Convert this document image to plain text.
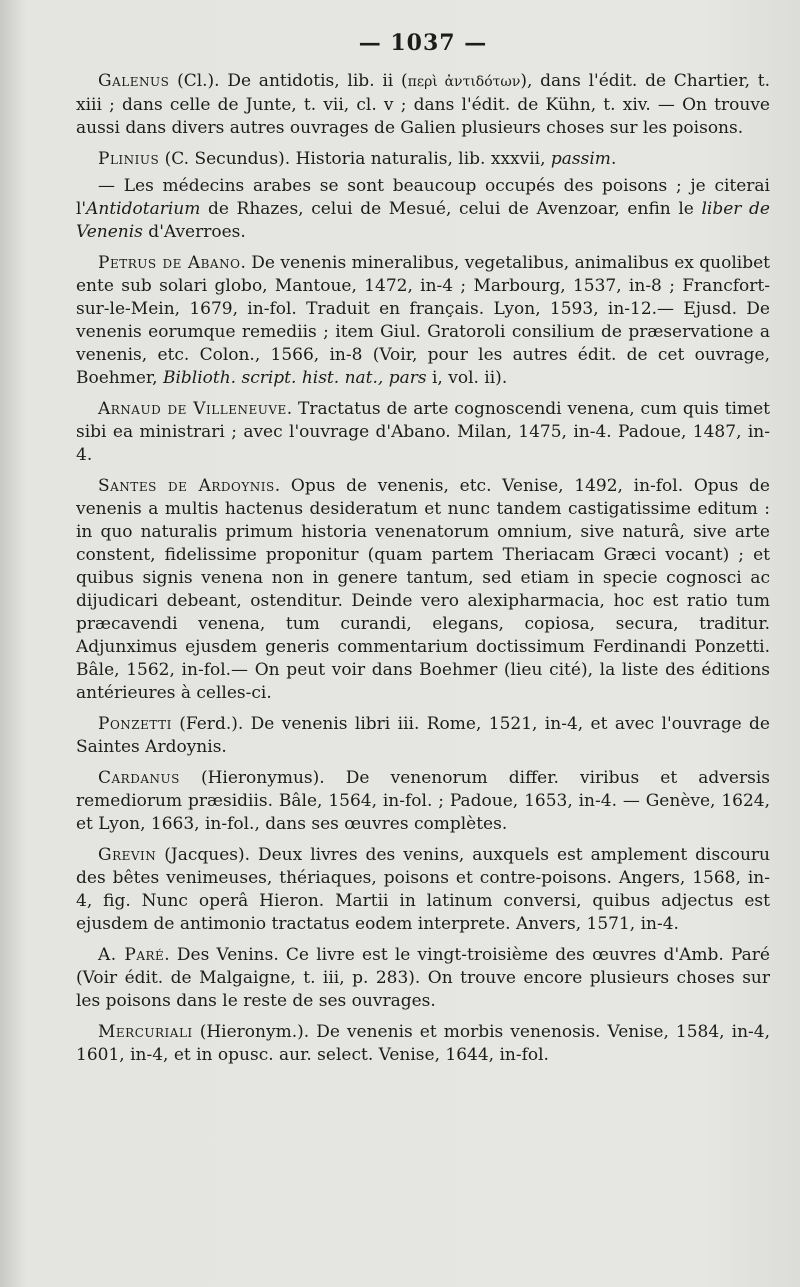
— 1037 —

Galenus (Cl.). De antidotis, lib. ii (περὶ ἀντιδότων), dans l'édit. de Chartier, t. xiii ; dans celle de Junte, t. vii, cl. v ; dans l'édit. de Kühn, t. xiv. — On trouve aussi dans divers autres ouvrages de Galien plusieurs choses sur les poisons.

Plinius (C. Secundus). Historia naturalis, lib. xxxvii, passim.

— Les médecins arabes se sont beaucoup occupés des poisons ; je citerai l'Antidotarium de Rhazes, celui de Mesué, celui de Avenzoar, enfin le liber de Venenis d'Averroes.

Petrus de Abano. De venenis mineralibus, vegetalibus, animalibus ex quolibet ente sub solari globo, Mantoue, 1472, in-4 ; Marbourg, 1537, in-8 ; Francfort-sur-le-Mein, 1679, in-fol. Traduit en français. Lyon, 1593, in-12.— Ejusd. De venenis eorumque remediis ; item Giul. Gratoroli consilium de præservatione a venenis, etc. Colon., 1566, in-8 (Voir, pour les autres édit. de cet ouvrage, Boehmer, Biblioth. script. hist. nat., pars i, vol. ii).

Arnaud de Villeneuve. Tractatus de arte cognoscendi venena, cum quis timet sibi ea ministrari ; avec l'ouvrage d'Abano. Milan, 1475, in-4. Padoue, 1487, in-4.

Santes de Ardoynis. Opus de venenis, etc. Venise, 1492, in-fol. Opus de venenis a multis hactenus desideratum et nunc tandem castigatissime editum : in quo naturalis primum historia venenatorum omnium, sive naturâ, sive arte constent, fidelissime proponitur (quam partem Theriacam Græci vocant) ; et quibus signis venena non in genere tantum, sed etiam in specie cognosci ac dijudicari debeant, ostenditur. Deinde vero alexipharmacia, hoc est ratio tum præcavendi venena, tum curandi, elegans, copiosa, secura, traditur. Adjunximus ejusdem generis commentarium doctissimum Ferdinandi Ponzetti. Bâle, 1562, in-fol.— On peut voir dans Boehmer (lieu cité), la liste des éditions antérieures à celles-ci.

Ponzetti (Ferd.). De venenis libri iii. Rome, 1521, in-4, et avec l'ouvrage de Saintes Ardoynis.

Cardanus (Hieronymus). De venenorum differ. viribus et adversis remediorum præsidiis. Bâle, 1564, in-fol. ; Padoue, 1653, in-4. — Genève, 1624, et Lyon, 1663, in-fol., dans ses œuvres complètes.

Grevin (Jacques). Deux livres des venins, auxquels est amplement discouru des bêtes venimeuses, thériaques, poisons et contre-poisons. Angers, 1568, in-4, fig. Nunc operâ Hieron. Martii in latinum conversi, quibus adjectus est ejusdem de antimonio tractatus eodem interprete. Anvers, 1571, in-4.

A. Paré. Des Venins. Ce livre est le vingt-troisième des œuvres d'Amb. Paré (Voir édit. de Malgaigne, t. iii, p. 283). On trouve encore plusieurs choses sur les poisons dans le reste de ses ouvrages.

Mercuriali (Hieronym.). De venenis et morbis venenosis. Venise, 1584, in-4, 1601, in-4, et in opusc. aur. select. Venise, 1644, in-fol.
